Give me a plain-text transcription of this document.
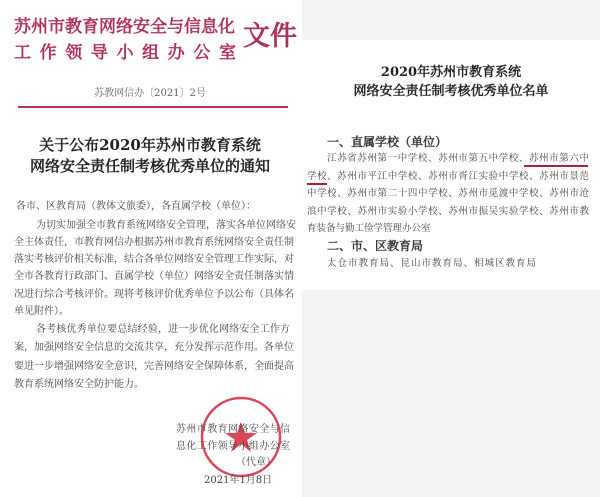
苏州市教育网络安全与信息化
工 作 领 导 小 组 办 公 室
文件
苏教网信办〔2021〕2号
关于公布2020年苏州市教育系统
网络安全责任制考核优秀单位的通知
各市、区教育局（教体文旅委），各直属学校（单位）：
为切实加强全市教育系统网络安全管理，落实各单位网络安
全主体责任，市教育网信办根据苏州市教育系统网络安全责任制
落实考核评价相关标准，结合各单位网络安全管理工作实际，对
全市各教育行政部门、直属学校（单位）网络安全责任制落实情
况进行综合考核评价。现将考核评价优秀单位予以公布（具体名
单见附件）。
各考核优秀单位要总结经验，进一步优化网络安全工作方
案，加强网络安全信息的交流共享，充分发挥示范作用。各单位
要进一步增强网络安全意识，完善网络安全保障体系，全面提高
教育系统网络安全防护能力。
苏州市教育网络安全与信
息化工作领导小组办公室
（代章）
2021年1月8日
2020年苏州市教育系统
网络安全责任制考核优秀单位名单
一、直属学校（单位）
江苏省苏州第一中学校、苏州市第五中学校、苏州市第六中
学校、苏州市平江中学校、苏州市胥江实验中学校、苏州市景范
中学校、苏州市第二十四中学校、苏州市觅渡中学校、苏州市沧
浪中学校、苏州市实验小学校、苏州市振吴实验学校、苏州市教
育装备与勤工俭学管理办公室
二、市、区教育局
太仓市教育局、昆山市教育局、相城区教育局
